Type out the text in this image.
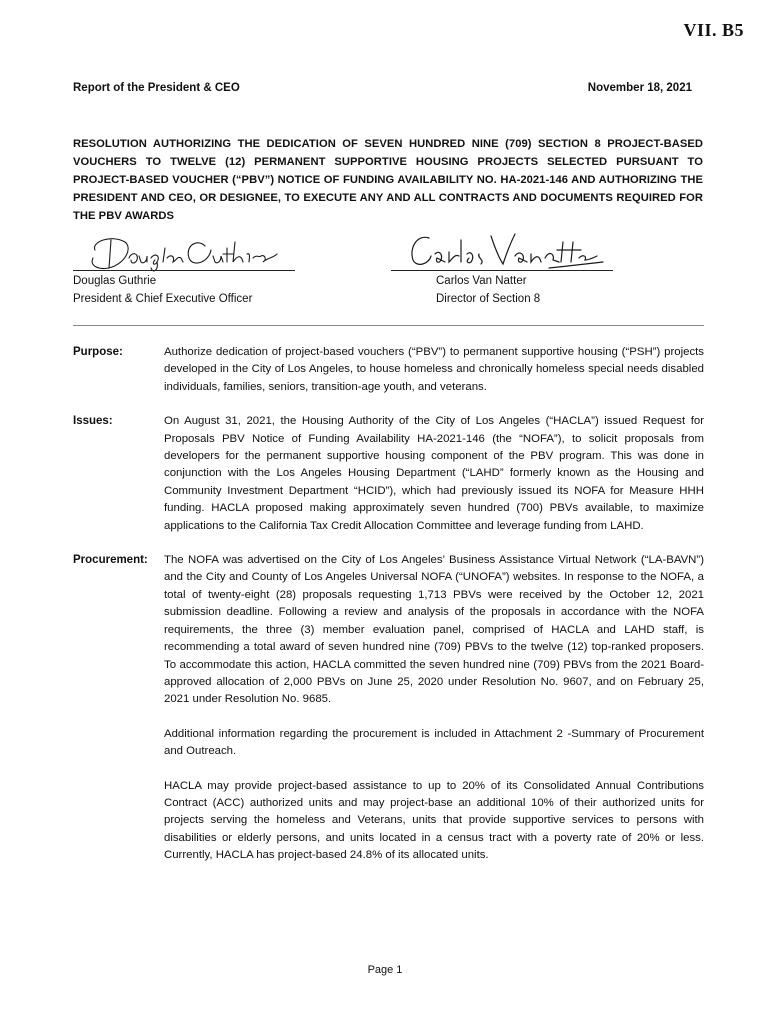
VII. B5
Report of the President & CEO	November 18, 2021
RESOLUTION AUTHORIZING THE DEDICATION OF SEVEN HUNDRED NINE (709) SECTION 8 PROJECT-BASED VOUCHERS TO TWELVE (12) PERMANENT SUPPORTIVE HOUSING PROJECTS SELECTED PURSUANT TO PROJECT-BASED VOUCHER (“PBV”) NOTICE OF FUNDING AVAILABILITY NO. HA-2021-146 AND AUTHORIZING THE PRESIDENT AND CEO, OR DESIGNEE, TO EXECUTE ANY AND ALL CONTRACTS AND DOCUMENTS REQUIRED FOR THE PBV AWARDS
Douglas Guthrie
President & Chief Executive Officer
Carlos Van Natter
Director of Section 8
Purpose:	Authorize dedication of project-based vouchers (“PBV”) to permanent supportive housing (“PSH”) projects developed in the City of Los Angeles, to house homeless and chronically homeless special needs disabled individuals, families, seniors, transition-age youth, and veterans.

Issues:	On August 31, 2021, the Housing Authority of the City of Los Angeles (“HACLA”) issued Request for Proposals PBV Notice of Funding Availability HA-2021-146 (the “NOFA”), to solicit proposals from developers for the permanent supportive housing component of the PBV program. This was done in conjunction with the Los Angeles Housing Department (“LAHD” formerly known as the Housing and Community Investment Department “HCID”), which had previously issued its NOFA for Measure HHH funding. HACLA proposed making approximately seven hundred (700) PBVs available, to maximize applications to the California Tax Credit Allocation Committee and leverage funding from LAHD.

Procurement:	The NOFA was advertised on the City of Los Angeles’ Business Assistance Virtual Network (“LA-BAVN”) and the City and County of Los Angeles Universal NOFA (“UNOFA”) websites. In response to the NOFA, a total of twenty-eight (28) proposals requesting 1,713 PBVs were received by the October 12, 2021 submission deadline. Following a review and analysis of the proposals in accordance with the NOFA requirements, the three (3) member evaluation panel, comprised of HACLA and LAHD staff, is recommending a total award of seven hundred nine (709) PBVs to the twelve (12) top-ranked proposers. To accommodate this action, HACLA committed the seven hundred nine (709) PBVs from the 2021 Board-approved allocation of 2,000 PBVs on June 25, 2020 under Resolution No. 9607, and on February 25, 2021 under Resolution No. 9685.

Additional information regarding the procurement is included in Attachment 2 -Summary of Procurement and Outreach.

HACLA may provide project-based assistance to up to 20% of its Consolidated Annual Contributions Contract (ACC) authorized units and may project-base an additional 10% of their authorized units for projects serving the homeless and Veterans, units that provide supportive services to persons with disabilities or elderly persons, and units located in a census tract with a poverty rate of 20% or less. Currently, HACLA has project-based 24.8% of its allocated units.

Page 1
